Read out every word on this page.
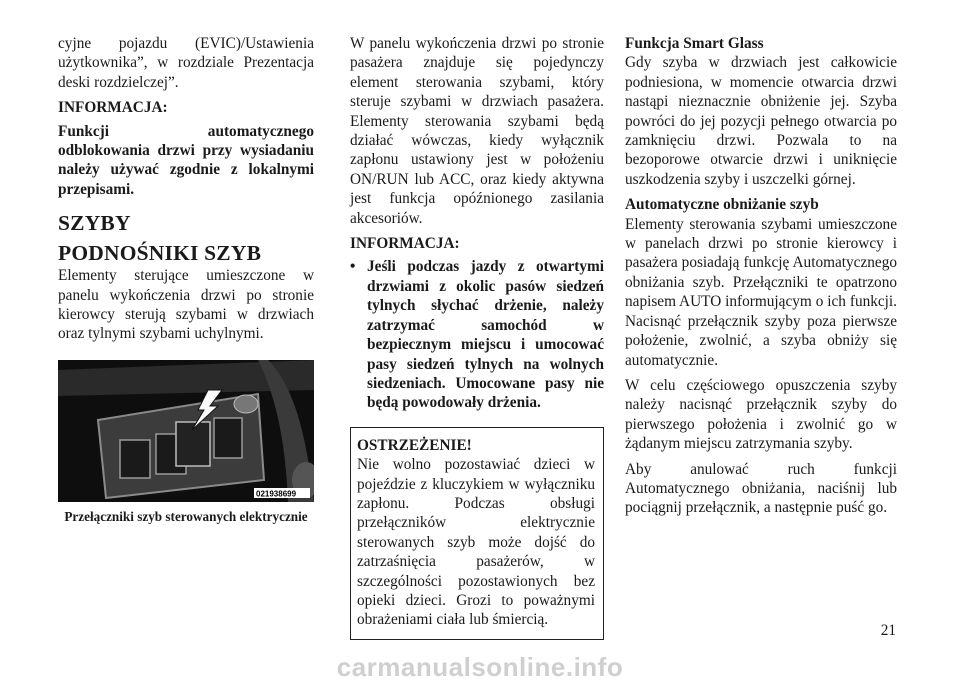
cyjne pojazdu (EVIC)/Ustawienia użytkownika”, w rozdziale Prezentacja deski rozdzielczej”.

INFORMACJA:

Funkcji automatycznego odblokowania drzwi przy wysiadaniu należy używać zgodnie z lokalnymi przepisami.

SZYBY
PODNOŚNIKI SZYB

Elementy sterujące umieszczone w panelu wykończenia drzwi po stronie kierowcy sterują szybami w drzwiach oraz tylnymi szybami uchylnymi.

021938699
Przełączniki szyb sterowanych elektrycznie

W panelu wykończenia drzwi po stronie pasażera znajduje się pojedynczy element sterowania szybami, który steruje szybami w drzwiach pasażera. Elementy sterowania szybami będą działać wówczas, kiedy wyłącznik zapłonu ustawiony jest w położeniu ON/RUN lub ACC, oraz kiedy aktywna jest funkcja opóźnionego zasilania akcesoriów.

INFORMACJA:

• Jeśli podczas jazdy z otwartymi drzwiami z okolic pasów siedzeń tylnych słychać drżenie, należy zatrzymać samochód w bezpiecznym miejscu i umocować pasy siedzeń tylnych na wolnych siedzeniach. Umocowane pasy nie będą powodowały drżenia.
OSTRZEŻENIE!

Nie wolno pozostawiać dzieci w pojeździe z kluczykiem w wyłączniku zapłonu. Podczas obsługi przełączników elektrycznie sterowanych szyb może dojść do zatrzaśnięcia pasażerów, w szczególności pozostawionych bez opieki dzieci. Grozi to poważnymi obrażeniami ciała lub śmiercią.

Funkcja Smart Glass

Gdy szyba w drzwiach jest całkowicie podniesiona, w momencie otwarcia drzwi nastąpi nieznacznie obniżenie jej. Szyba powróci do jej pozycji pełnego otwarcia po zamknięciu drzwi. Pozwala to na bezoporowe otwarcie drzwi i uniknięcie uszkodzenia szyby i uszczelki górnej.

Automatyczne obniżanie szyb

Elementy sterowania szybami umieszczone w panelach drzwi po stronie kierowcy i pasażera posiadają funkcję Automatycznego obniżania szyb. Przełączniki te opatrzono napisem AUTO informującym o ich funkcji. Nacisnąć przełącznik szyby poza pierwsze położenie, zwolnić, a szyba obniży się automatycznie.

W celu częściowego opuszczenia szyby należy nacisnąć przełącznik szyby do pierwszego położenia i zwolnić go w żądanym miejscu zatrzymania szyby.

Aby anulować ruch funkcji Automatycznego obniżania, naciśnij lub pociągnij przełącznik, a następnie puść go.

21
carmanualsonline.info
